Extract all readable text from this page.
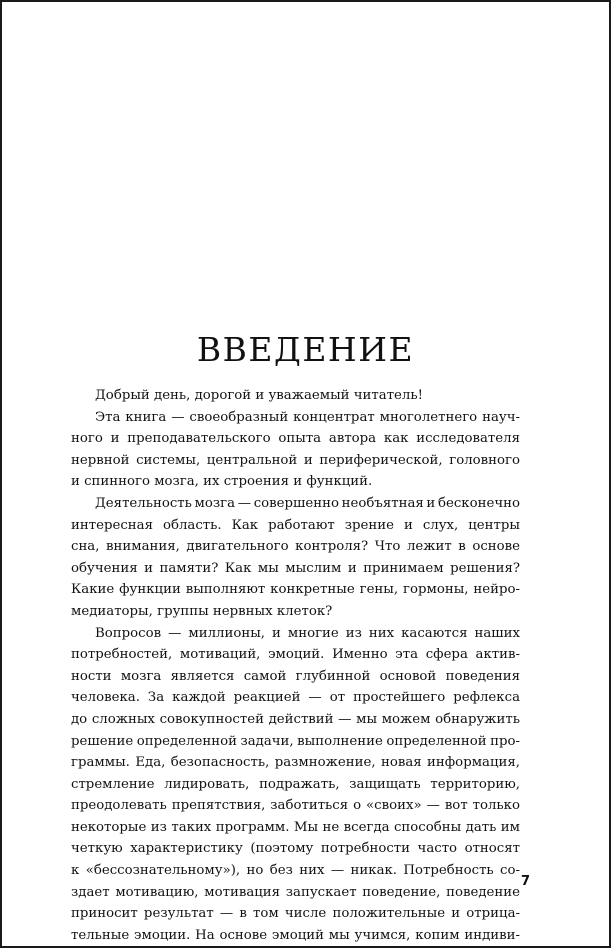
ВВЕДЕНИЕ
Добрый день, дорогой и уважаемый читатель!
Эта книга — своеобразный концентрат многолетнего науч-
ного и преподавательского опыта автора как исследователя
нервной системы, центральной и периферической, головного
и спинного мозга, их строения и функций.
Деятельность мозга — совершенно необъятная и бесконечно
интересная область. Как работают зрение и слух, центры
сна, внимания, двигательного контроля? Что лежит в основе
обучения и памяти? Как мы мыслим и принимаем решения?
Какие функции выполняют конкретные гены, гормоны, нейро-
медиаторы, группы нервных клеток?
Вопросов — миллионы, и многие из них касаются наших
потребностей, мотиваций, эмоций. Именно эта сфера актив-
ности мозга является самой глубинной основой поведения
человека. За каждой реакцией — от простейшего рефлекса
до сложных совокупностей действий — мы можем обнаружить
решение определенной задачи, выполнение определенной про-
граммы. Еда, безопасность, размножение, новая информация,
стремление лидировать, подражать, защищать территорию,
преодолевать препятствия, заботиться о «своих» — вот только
некоторые из таких программ. Мы не всегда способны дать им
четкую характеристику (поэтому потребности часто относят
к «бессознательному»), но без них — никак. Потребность со-
здает мотивацию, мотивация запускает поведение, поведение
приносит результат — в том числе положительные и отрица-
тельные эмоции. На основе эмоций мы учимся, копим индиви-
7
